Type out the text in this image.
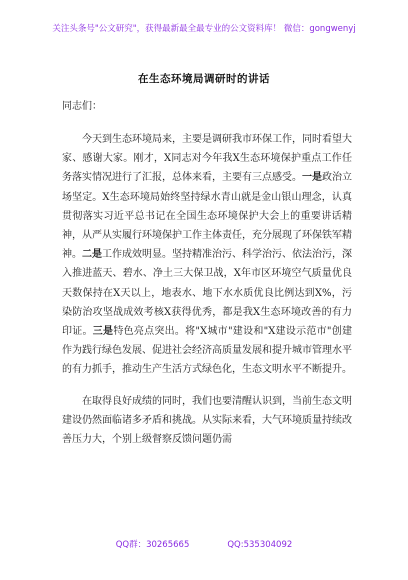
关注头条号"公文研究"，获得最新最全最专业的公文资料库！ 微信：gongwenyj
在生态环境局调研时的讲话
同志们：

今天到生态环境局来，主要是调研我市环保工作，同时看望大家、感谢大家。刚才，X同志对今年我X生态环境保护重点工作任务落实情况进行了汇报，总体来看，主要有三点感受。一是政治立场坚定。X生态环境局始终坚持绿水青山就是金山银山理念，认真贯彻落实习近平总书记在全国生态环境保护大会上的重要讲话精神，从严从实履行环境保护工作主体责任，充分展现了环保铁军精神。二是工作成效明显。坚持精准治污、科学治污、依法治污，深入推进蓝天、碧水、净土三大保卫战，X年市区环境空气质量优良天数保持在X天以上，地表水、地下水水质优良比例达到X%，污染防治攻坚战成效考核X获得优秀，都是我X生态环境改善的有力印证。三是特色亮点突出。将"X城市"建设和"X建设示范市"创建作为践行绿色发展、促进社会经济高质量发展和提升城市管理水平的有力抓手，推动生产生活方式绿色化，生态文明水平不断提升。

在取得良好成绩的同时，我们也要清醒认识到，当前生态文明建设仍然面临诸多矛盾和挑战。从实际来看，大气环境质量持续改善压力大，个别上级督察反馈问题仍需

QQ群：30265665	QQ:535304092
